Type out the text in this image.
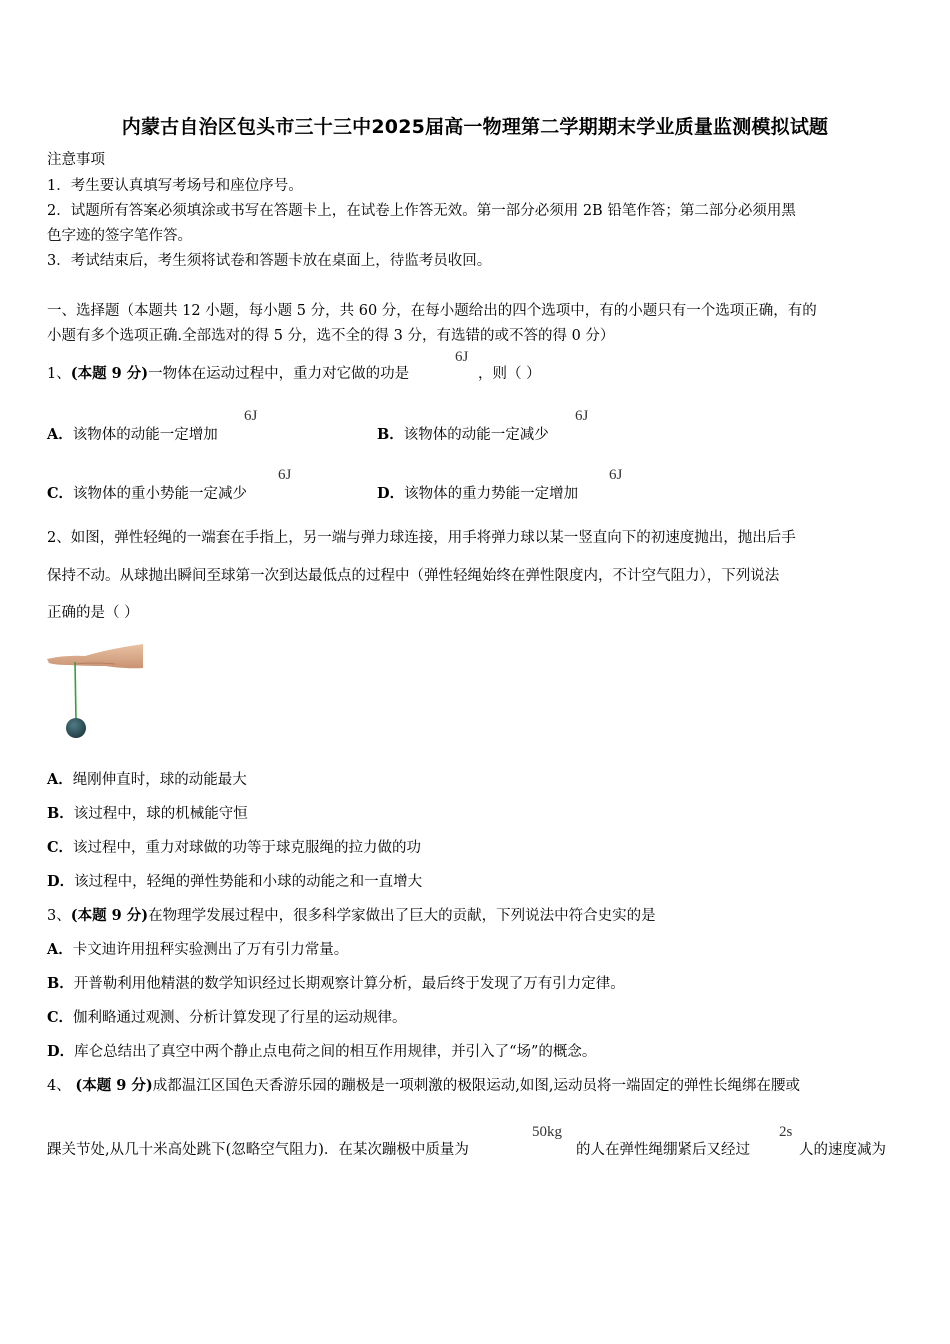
内蒙古自治区包头市三十三中2025届高一物理第二学期期末学业质量监测模拟试题
注意事项
1．考生要认真填写考场号和座位序号。
2．试题所有答案必须填涂或书写在答题卡上，在试卷上作答无效。第一部分必须用 2B 铅笔作答；第二部分必须用黑
色字迹的签字笔作答。
3．考试结束后，考生须将试卷和答题卡放在桌面上，待监考员收回。
一、选择题（本题共 12 小题，每小题 5 分，共 60 分，在每小题给出的四个选项中，有的小题只有一个选项正确，有的
小题有多个选项正确.全部选对的得 5 分，选不全的得 3 分，有选错的或不答的得 0 分）
1、(本题 9 分)一物体在运动过程中，重力对它做的功是
6J
，则（ ）
A．该物体的动能一定增加
6J
B．该物体的动能一定减少
6J
C．该物体的重小势能一定减少
6J
D．该物体的重力势能一定增加
6J
2、如图，弹性轻绳的一端套在手指上，另一端与弹力球连接，用手将弹力球以某一竖直向下的初速度抛出，抛出后手
保持不动。从球抛出瞬间至球第一次到达最低点的过程中（弹性轻绳始终在弹性限度内，不计空气阻力），下列说法
正确的是（ ）
A．绳刚伸直时，球的动能最大
B．该过程中，球的机械能守恒
C．该过程中，重力对球做的功等于球克服绳的拉力做的功
D．该过程中，轻绳的弹性势能和小球的动能之和一直增大
3、(本题 9 分)在物理学发展过程中，很多科学家做出了巨大的贡献，下列说法中符合史实的是
A．卡文迪许用扭秤实验测出了万有引力常量。
B．开普勒利用他精湛的数学知识经过长期观察计算分析，最后终于发现了万有引力定律。
C．伽利略通过观测、分析计算发现了行星的运动规律。
D．库仑总结出了真空中两个静止点电荷之间的相互作用规律，并引入了“场”的概念。
4、 (本题 9 分)成都温江区国色天香游乐园的蹦极是一项刺激的极限运动,如图,运动员将一端固定的弹性长绳绑在腰或
踝关节处,从几十米高处跳下(忽略空气阻力)．在某次蹦极中质量为
50kg
的人在弹性绳绷紧后又经过
2s
人的速度减为
